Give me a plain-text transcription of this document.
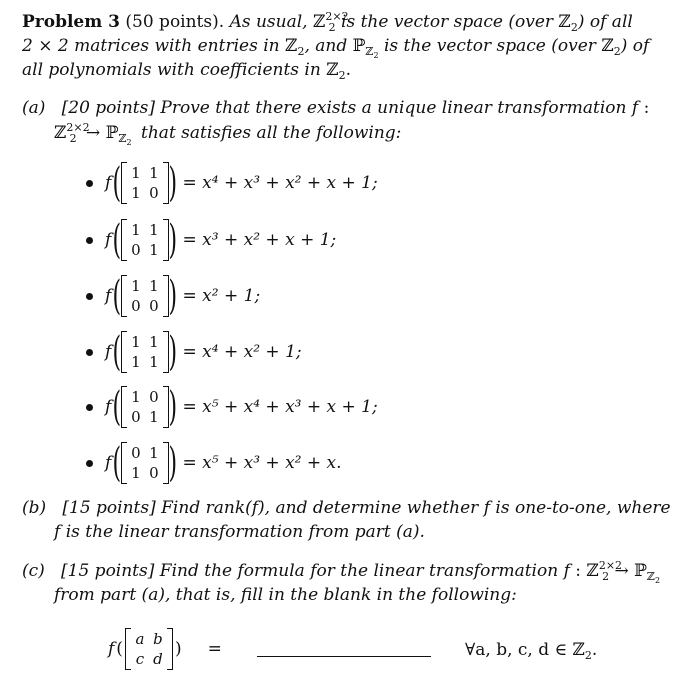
Problem 3 (50 points). As usual, ℤ$^{2\times 2}_2$ is the vector space (over ℤ$_2$) of all
2 × 2 matrices with entries in ℤ$_2$, and ℙ$_{ℤ_2}$ is the vector space (over ℤ$_2$) of
all polynomials with coefficients in ℤ$_2$.
(a) [20 points] Prove that there exists a unique linear transformation f :
ℤ$^{2\times 2}_2$ → ℙ$_{ℤ_2}$ that satisfies all the following:
f ( 1 1
1 0 ) = x⁴ + x³ + x² + x + 1;
f ( 1 1
0 1 ) = x³ + x² + x + 1;
f ( 1 1
0 0 ) = x² + 1;
f ( 1 1
1 1 ) = x⁴ + x² + 1;
f ( 1 0
0 1 ) = x⁵ + x⁴ + x³ + x + 1;
f ( 0 1
1 0 ) = x⁵ + x³ + x² + x.
(b) [15 points] Find rank(f), and determine whether f is one-to-one, where
f is the linear transformation from part (a).
(c) [15 points] Find the formula for the linear transformation f : ℤ$^{2\times 2}_2$ → ℙ$_{ℤ_2}$
from part (a), that is, fill in the blank in the following:
f ( a b
c d ) =	∀a, b, c, d ∈ ℤ$_2$.
